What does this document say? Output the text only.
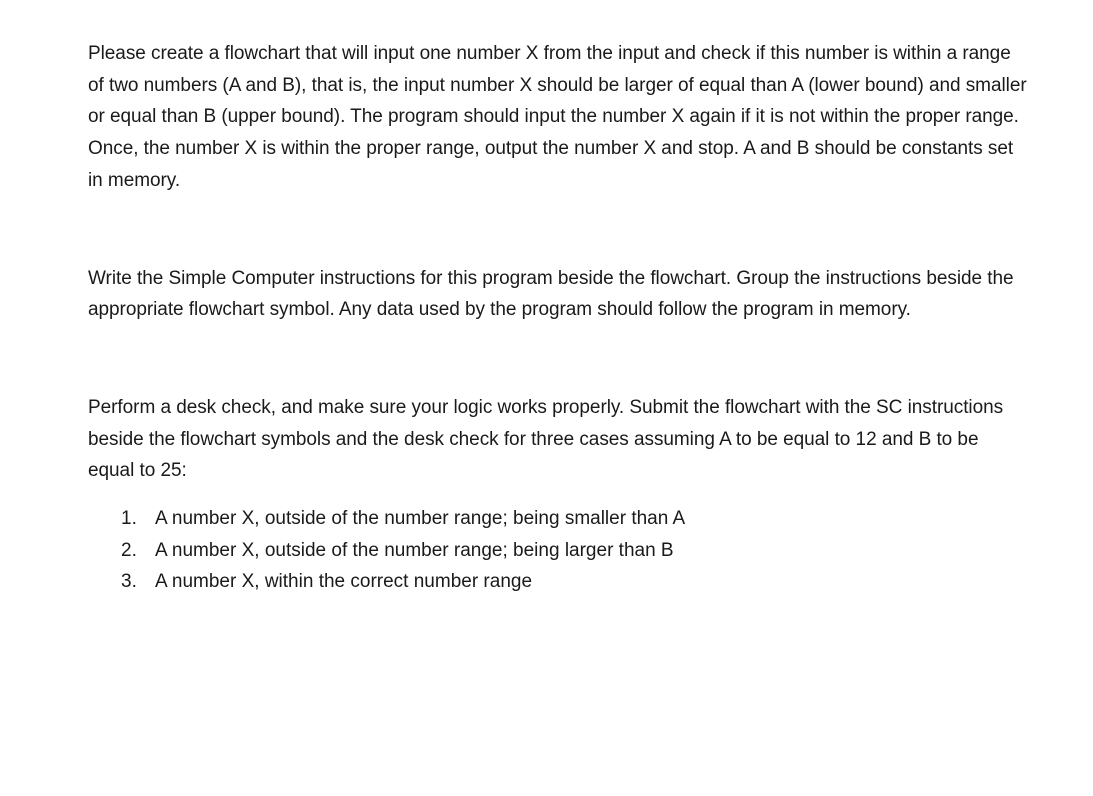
Please create a flowchart that will input one number X from the input and check if this number is within a range of two numbers (A and B), that is, the input number X should be larger of equal than A (lower bound) and smaller or equal than B (upper bound). The program should input the number X again if it is not within the proper range. Once, the number X is within the proper range, output the number X and stop. A and B should be constants set in memory.

Write the Simple Computer instructions for this program beside the flowchart. Group the instructions beside the appropriate flowchart symbol. Any data used by the program should follow the program in memory.

Perform a desk check, and make sure your logic works properly. Submit the flowchart with the SC instructions beside the flowchart symbols and the desk check for three cases assuming A to be equal to 12 and B to be equal to 25:

1. A number X, outside of the number range; being smaller than A
2. A number X, outside of the number range; being larger than B
3. A number X, within the correct number range
